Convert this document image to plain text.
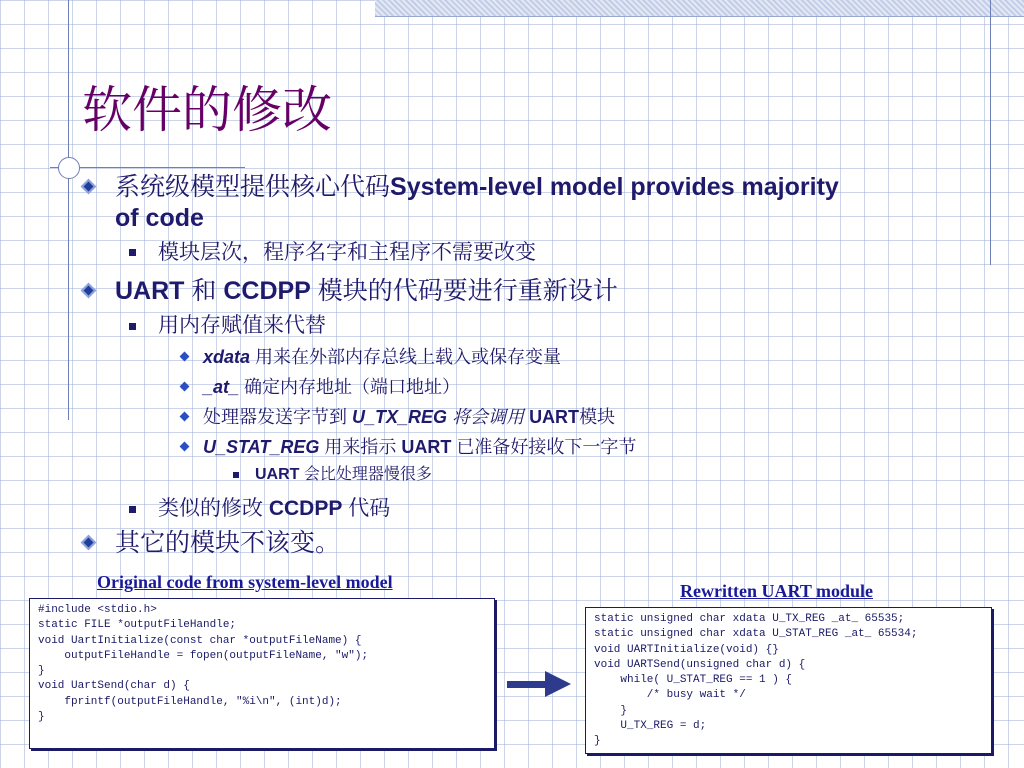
软件的修改
系统级模型提供核心代码System-level model provides majority
of code
模块层次，程序名字和主程序不需要改变
UART 和 CCDPP 模块的代码要进行重新设计
用内存赋值来代替
xdata 用来在外部内存总线上载入或保存变量
_at_ 确定内存地址（端口地址）
处理器发送字节到 U_TX_REG 将会调用 UART模块
U_STAT_REG 用来指示 UART 已准备好接收下一字节
UART 会比处理器慢很多
类似的修改 CCDPP 代码
其它的模块不该变。
Original code from system-level model	Rewritten UART module
#include <stdio.h>
static FILE *outputFileHandle;
void UartInitialize(const char *outputFileName) {
outputFileHandle = fopen(outputFileName, "w");
}
void UartSend(char d) {
fprintf(outputFileHandle, "%i\n", (int)d);
}
static unsigned char xdata U_TX_REG _at_ 65535;
static unsigned char xdata U_STAT_REG _at_ 65534;
void UARTInitialize(void) {}
void UARTSend(unsigned char d) {
while( U_STAT_REG == 1 ) {
/* busy wait */
}
U_TX_REG = d;
}
